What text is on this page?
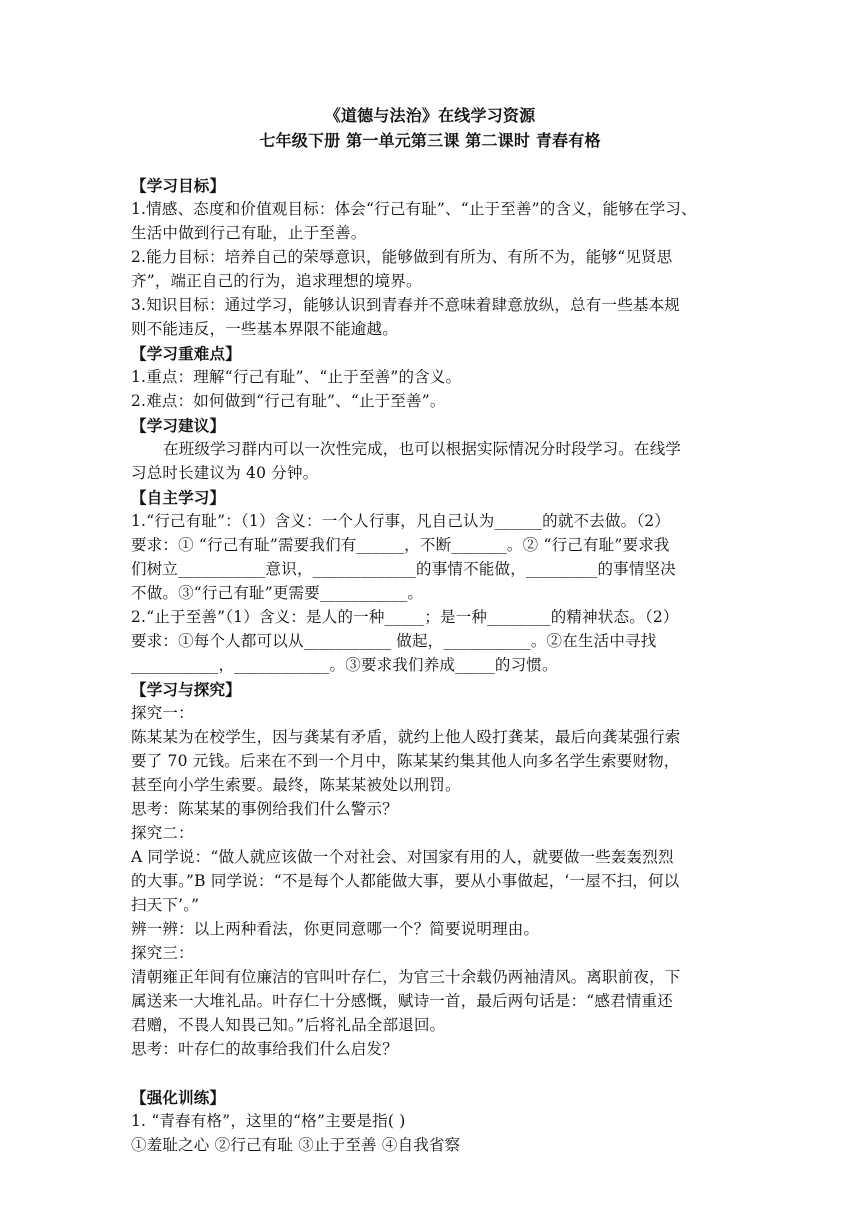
《道德与法治》在线学习资源
七年级下册 第一单元第三课 第二课时 青春有格
【学习目标】
1.情感、态度和价值观目标：体会“行己有耻”、“止于至善”的含义，能够在学习、
生活中做到行己有耻，止于至善。
2.能力目标：培养自己的荣辱意识，能够做到有所为、有所不为，能够“见贤思
齐”，端正自己的行为，追求理想的境界。
3.知识目标：通过学习，能够认识到青春并不意味着肆意放纵，总有一些基本规
则不能违反，一些基本界限不能逾越。
【学习重难点】
1.重点：理解“行己有耻”、“止于至善”的含义。
2.难点：如何做到“行己有耻”、“止于至善”。
【学习建议】
在班级学习群内可以一次性完成，也可以根据实际情况分时段学习。在线学
习总时长建议为 40 分钟。
【自主学习】
1.“行己有耻”：（1）含义：一个人行事，凡自己认为______的就不去做。（2）
要求：① “行己有耻”需要我们有______，不断_______。② “行己有耻”要求我
们树立___________意识，_____________的事情不能做，_________的事情坚决
不做。③“行己有耻”更需要___________。
2.“止于至善”（1）含义：是人的一种_____；是一种________的精神状态。（2）
要求：①每个人都可以从___________ 做起，___________。②在生活中寻找
___________，____________。③要求我们养成_____的习惯。
【学习与探究】
探究一：
陈某某为在校学生，因与龚某有矛盾，就约上他人殴打龚某，最后向龚某强行索
要了 70 元钱。后来在不到一个月中，陈某某约集其他人向多名学生索要财物，
甚至向小学生索要。最终，陈某某被处以刑罚。
思考：陈某某的事例给我们什么警示？
探究二：
A 同学说：“做人就应该做一个对社会、对国家有用的人，就要做一些轰轰烈烈
的大事。”B 同学说：“不是每个人都能做大事，要从小事做起，‘一屋不扫，何以
扫天下’。”
辨一辨：以上两种看法，你更同意哪一个？简要说明理由。
探究三：
清朝雍正年间有位廉洁的官叫叶存仁，为官三十余载仍两袖清风。离职前夜，下
属送来一大堆礼品。叶存仁十分感慨，赋诗一首，最后两句话是：“感君情重还
君赠，不畏人知畏己知。”后将礼品全部退回。
思考：叶存仁的故事给我们什么启发？
【强化训练】
1. “青春有格”，这里的“格”主要是指( )
①羞耻之心 ②行己有耻 ③止于至善 ④自我省察
